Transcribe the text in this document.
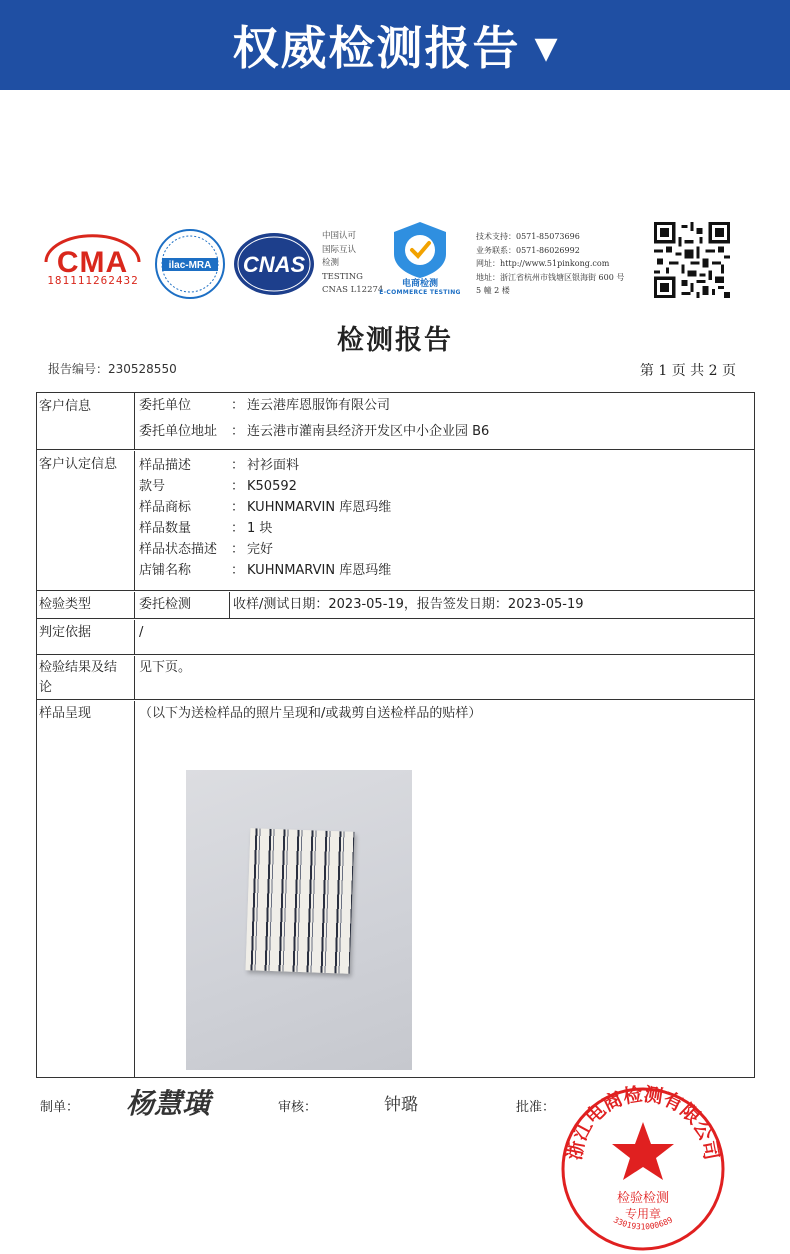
权威检测报告 ▼
CMA
181111262432
ilac-MRA CNAS
中国认可
国际互认
检测
TESTING
CNAS L12274
电商检测
E-COMMERCE TESTING
技术支持：0571-85073696
业务联系：0571-86026992
网址：http://www.51pinkong.com
地址：浙江省杭州市钱塘区银海街 600 号
5 幢 2 楼
检测报告
报告编号：230528550	第 1 页 共 2 页
客户信息	委托单位	： 连云港库恩服饰有限公司
委托单位地址	： 连云港市灌南县经济开发区中小企业园 B6
客户认定信息	样品描述	： 衬衫面料
款号	： K50592
样品商标	： KUHNMARVIN 库恩玛维
样品数量	： 1 块
样品状态描述	： 完好
店铺名称	： KUHNMARVIN 库恩玛维
检验类型	委托检测	收样/测试日期：2023-05-19，报告签发日期：2023-05-19
判定依据	/
检验结果及结
论
见下页。
样品呈现	（以下为送检样品的照片呈现和/或裁剪自送检样品的贴样）
制单： 杨慧璜	审核：	钟璐	批准：
浙江电商检测有限公司
检验检测
专用章
3301931000689
